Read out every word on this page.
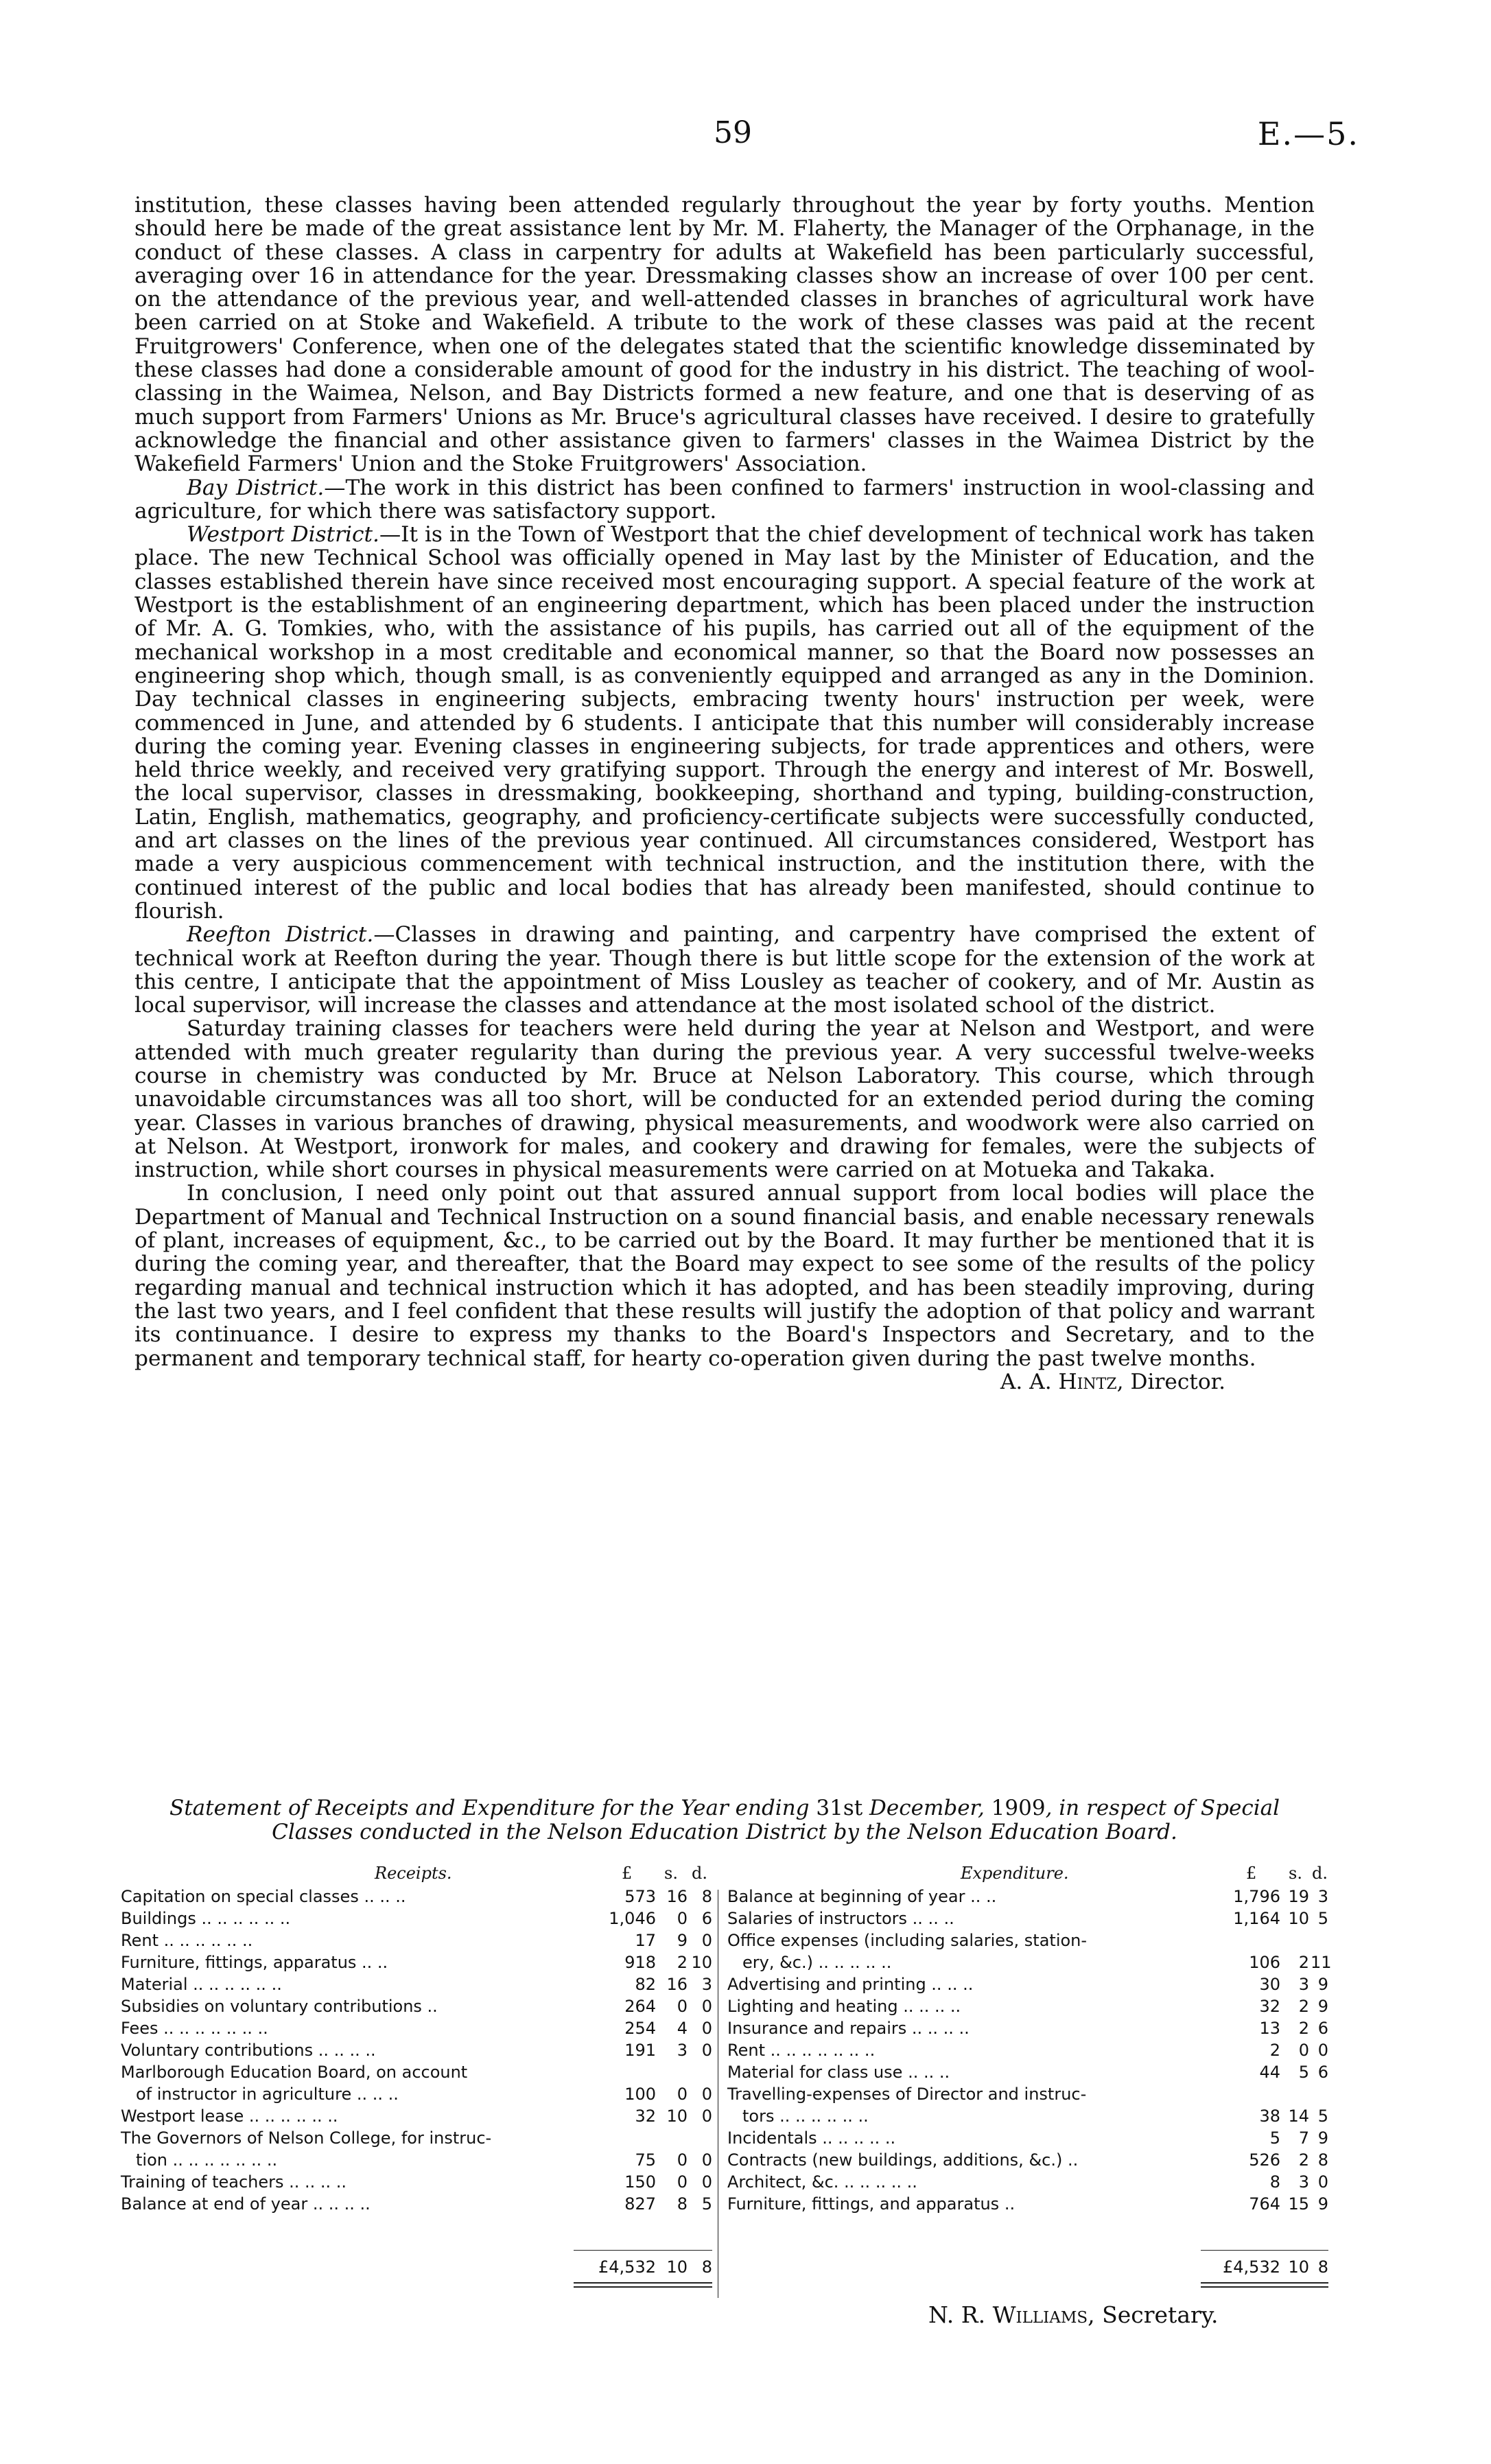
59	E.—5.

institution, these classes having been attended regularly throughout the year by forty youths. Mention should here be made of the great assistance lent by Mr. M. Flaherty, the Manager of the Orphanage, in the conduct of these classes. A class in carpentry for adults at Wakefield has been particularly successful, averaging over 16 in attendance for the year. Dressmaking classes show an increase of over 100 per cent. on the attendance of the previous year, and well-attended classes in branches of agricultural work have been carried on at Stoke and Wakefield. A tribute to the work of these classes was paid at the recent Fruitgrowers' Conference, when one of the delegates stated that the scientific knowledge disseminated by these classes had done a considerable amount of good for the industry in his district. The teaching of wool-classing in the Waimea, Nelson, and Bay Districts formed a new feature, and one that is deserving of as much support from Farmers' Unions as Mr. Bruce's agricultural classes have received. I desire to gratefully acknowledge the financial and other assistance given to farmers' classes in the Waimea District by the Wakefield Farmers' Union and the Stoke Fruitgrowers' Association.

Bay District.—The work in this district has been confined to farmers' instruction in wool-classing and agriculture, for which there was satisfactory support.

Westport District.—It is in the Town of Westport that the chief development of technical work has taken place. The new Technical School was officially opened in May last by the Minister of Education, and the classes established therein have since received most encouraging support. A special feature of the work at Westport is the establishment of an engineering department, which has been placed under the instruction of Mr. A. G. Tomkies, who, with the assistance of his pupils, has carried out all of the equipment of the mechanical workshop in a most creditable and economical manner, so that the Board now possesses an engineering shop which, though small, is as conveniently equipped and arranged as any in the Dominion. Day technical classes in engineering subjects, embracing twenty hours' instruction per week, were commenced in June, and attended by 6 students. I anticipate that this number will considerably increase during the coming year. Evening classes in engineering subjects, for trade apprentices and others, were held thrice weekly, and received very gratifying support. Through the energy and interest of Mr. Boswell, the local supervisor, classes in dressmaking, bookkeeping, shorthand and typing, building-construction, Latin, English, mathematics, geography, and proficiency-certificate subjects were successfully conducted, and art classes on the lines of the previous year continued. All circumstances considered, Westport has made a very auspicious commencement with technical instruction, and the institution there, with the continued interest of the public and local bodies that has already been manifested, should continue to flourish.

Reefton District.—Classes in drawing and painting, and carpentry have comprised the extent of technical work at Reefton during the year. Though there is but little scope for the extension of the work at this centre, I anticipate that the appointment of Miss Lousley as teacher of cookery, and of Mr. Austin as local supervisor, will increase the classes and attendance at the most isolated school of the district.

Saturday training classes for teachers were held during the year at Nelson and Westport, and were attended with much greater regularity than during the previous year. A very successful twelve-weeks course in chemistry was conducted by Mr. Bruce at Nelson Laboratory. This course, which through unavoidable circumstances was all too short, will be conducted for an extended period during the coming year. Classes in various branches of drawing, physical measurements, and woodwork were also carried on at Nelson. At Westport, ironwork for males, and cookery and drawing for females, were the subjects of instruction, while short courses in physical measurements were carried on at Motueka and Takaka.

In conclusion, I need only point out that assured annual support from local bodies will place the Department of Manual and Technical Instruction on a sound financial basis, and enable necessary renewals of plant, increases of equipment, &c., to be carried out by the Board. It may further be mentioned that it is during the coming year, and thereafter, that the Board may expect to see some of the results of the policy regarding manual and technical instruction which it has adopted, and has been steadily improving, during the last two years, and I feel confident that these results will justify the adoption of that policy and warrant its continuance. I desire to express my thanks to the Board's Inspectors and Secretary, and to the permanent and temporary technical staff, for hearty co-operation given during the past twelve months.
A. A. Hintz, Director.

Statement of Receipts and Expenditure for the Year ending 31st December, 1909, in respect of Special
Classes conducted in the Nelson Education District by the Nelson Education Board.
Receipts.	£ s. d.
Capitation on special classes .. .. ..	573 16 8
Buildings .. .. .. .. .. ..	1,046	0 6
Rent .. .. .. .. .. ..	17	9 0
Furniture, fittings, apparatus .. ..	918	2 10
Material .. .. .. .. .. ..	82 16 3
Subsidies on voluntary contributions ..	264	0 0
Fees .. .. .. .. .. .. ..	254	4 0
Voluntary contributions .. .. .. ..	191	3 0
Marlborough Education Board, on account
of instructor in agriculture .. .. ..	100	0 0
Westport lease .. .. .. .. .. ..	32 10 0
The Governors of Nelson College, for instruc-
tion .. .. .. .. .. .. ..	75	0 0
Training of teachers .. .. .. ..	150	0 0
Balance at end of year .. .. .. ..	827	8 5
Expenditure.	£ s. d.
Balance at beginning of year .. ..	1,796 19 3
Salaries of instructors .. .. ..	1,164 10 5
Office expenses (including salaries, station-
ery, &c.) .. .. .. .. ..	106	2 11
Advertising and printing .. .. ..	30	3 9
Lighting and heating .. .. .. ..	32	2 9
Insurance and repairs .. .. .. ..	13	2 6
Rent .. .. .. .. .. .. ..	2	0 0
Material for class use .. .. ..	44	5 6
Travelling-expenses of Director and instruc-
tors .. .. .. .. .. ..	38 14 5
Incidentals .. .. .. .. ..	5	7 9
Contracts (new buildings, additions, &c.) ..	526	2 8
Architect, &c. .. .. .. .. ..	8	3 0
Furniture, fittings, and apparatus ..	764 15 9
£4,532 10 8	£4,532 10 8
N. R. Williams, Secretary.
